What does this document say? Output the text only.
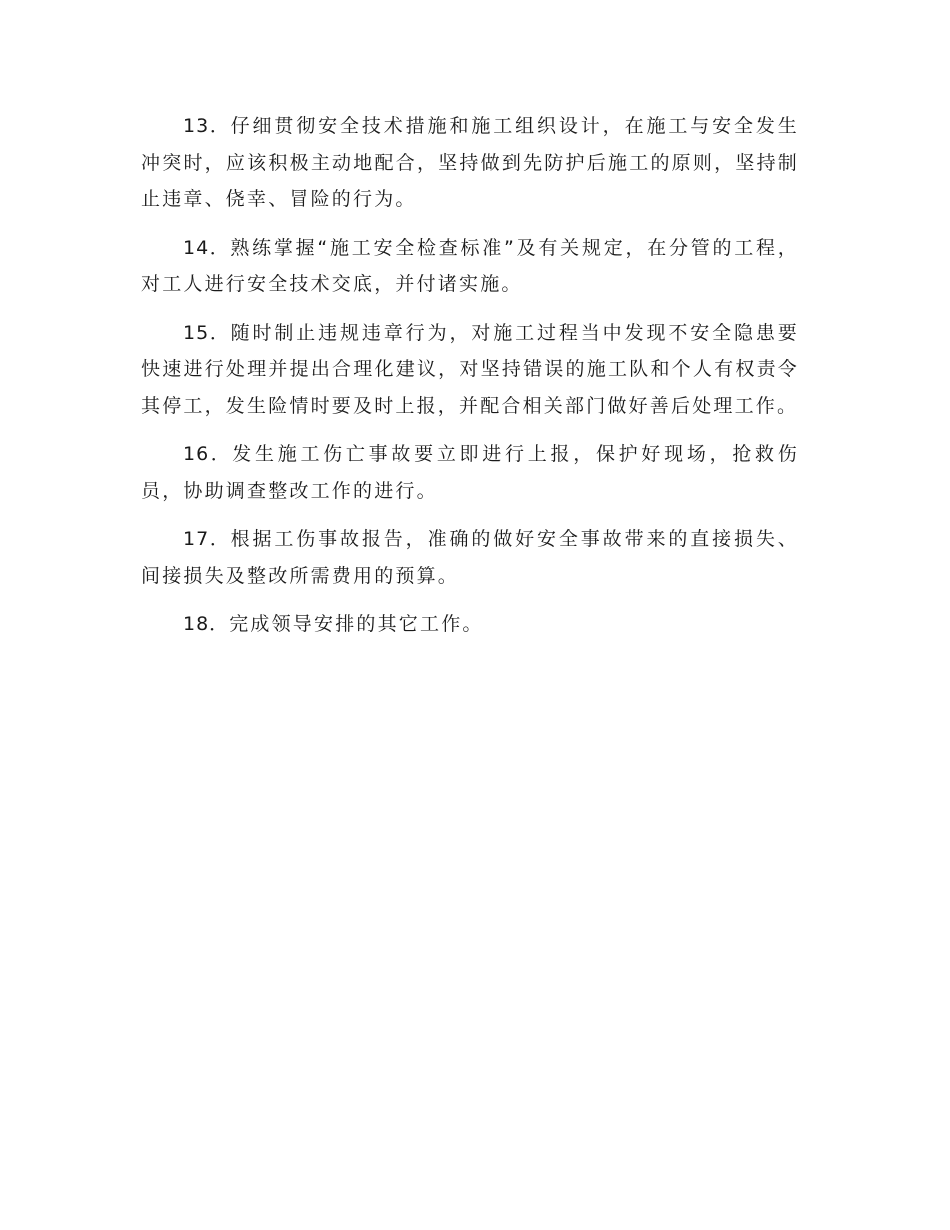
13．仔细贯彻安全技术措施和施工组织设计，在施工与安全发生冲突时，应该积极主动地配合，坚持做到先防护后施工的原则，坚持制止违章、侥幸、冒险的行为。

14．熟练掌握“施工安全检查标准”及有关规定，在分管的工程，对工人进行安全技术交底，并付诸实施。

15．随时制止违规违章行为，对施工过程当中发现不安全隐患要快速进行处理并提出合理化建议，对坚持错误的施工队和个人有权责令其停工，发生险情时要及时上报，并配合相关部门做好善后处理工作。

16．发生施工伤亡事故要立即进行上报，保护好现场，抢救伤员，协助调查整改工作的进行。

17．根据工伤事故报告，准确的做好安全事故带来的直接损失、间接损失及整改所需费用的预算。

18．完成领导安排的其它工作。
